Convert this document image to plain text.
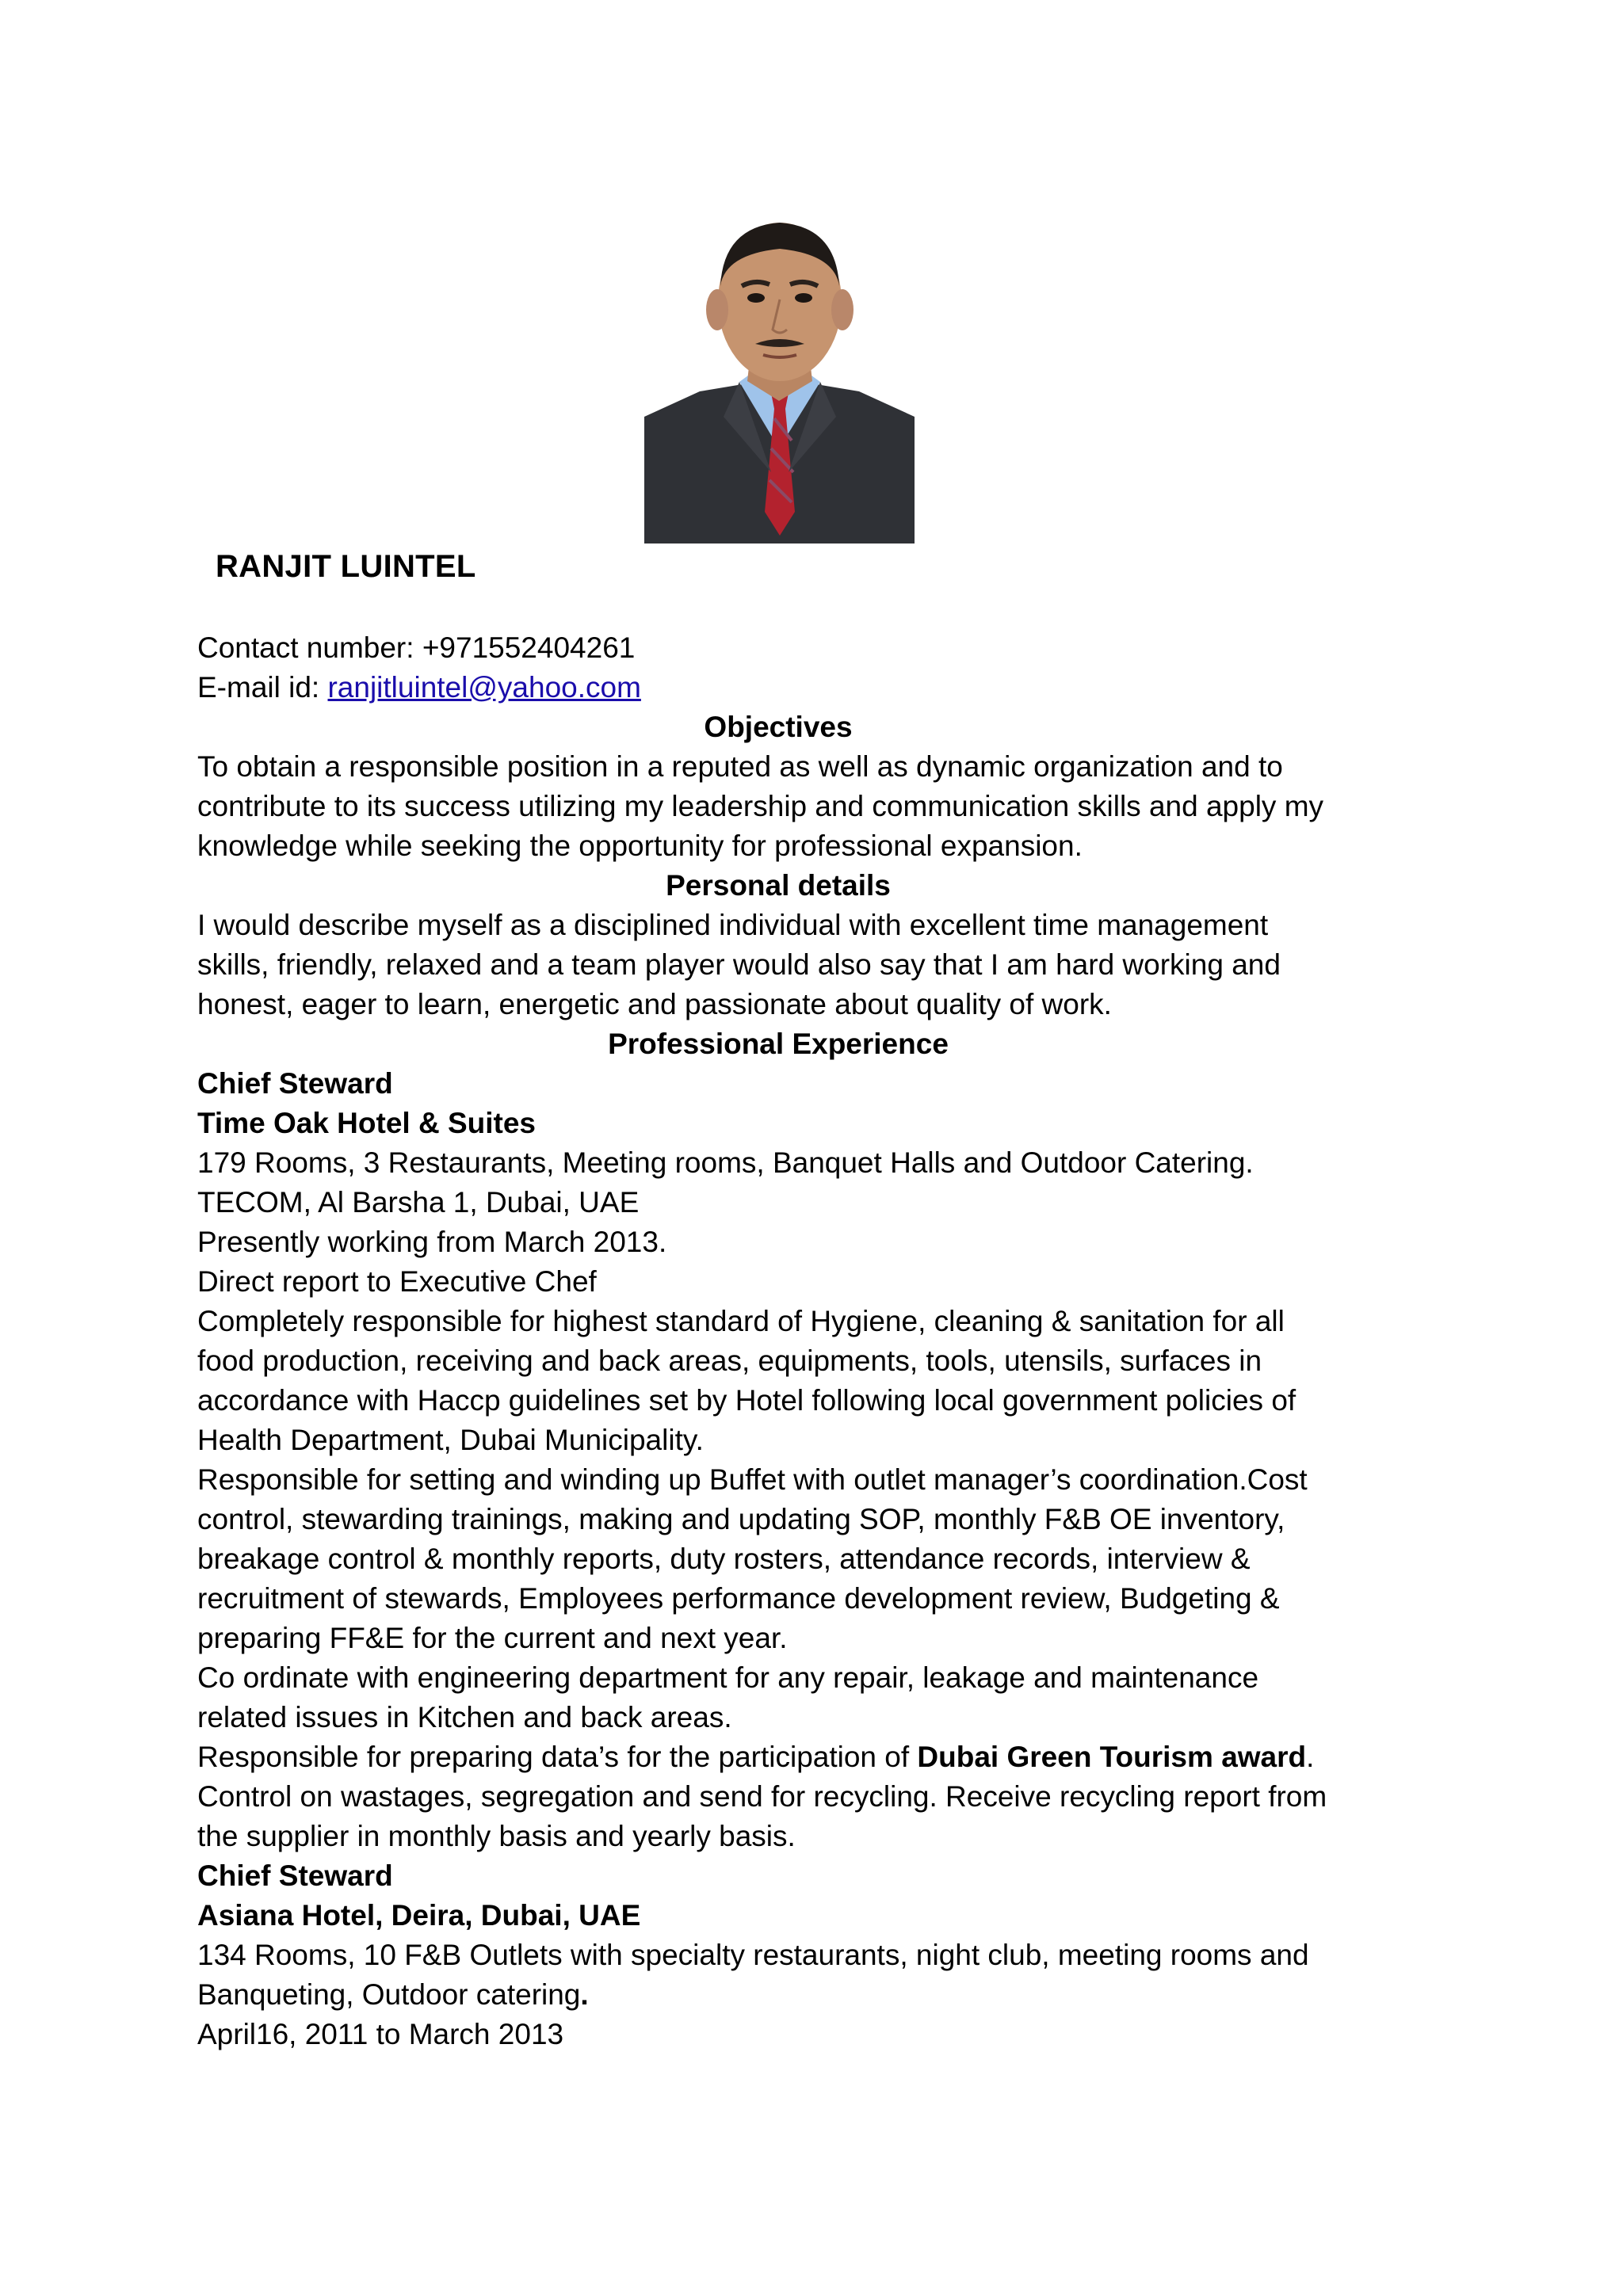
RANJIT LUINTEL

Contact number: +971552404261

E-mail id: ranjitluintel@yahoo.com

Objectives

To obtain a responsible position in a reputed as well as dynamic organization and to

contribute to its success utilizing my leadership and communication skills and apply my

knowledge while seeking the opportunity for professional expansion.

Personal details

I would describe myself as a disciplined individual with excellent time management

skills, friendly, relaxed and a team player would also say that I am hard working and

honest, eager to learn, energetic and passionate about quality of work.

Professional Experience

Chief Steward

Time Oak Hotel & Suites

179 Rooms, 3 Restaurants, Meeting rooms, Banquet Halls and Outdoor Catering.

TECOM, Al Barsha 1, Dubai, UAE

Presently working from March 2013.

Direct report to Executive Chef

Completely responsible for highest standard of Hygiene, cleaning & sanitation for all

food production, receiving and back areas, equipments, tools, utensils, surfaces in

accordance with Haccp guidelines set by Hotel following local government policies of

Health Department, Dubai Municipality.

Responsible for setting and winding up Buffet with outlet manager’s coordination.Cost

control, stewarding trainings, making and updating SOP, monthly F&B OE inventory,

breakage control & monthly reports, duty rosters, attendance records, interview &

recruitment of stewards, Employees performance development review, Budgeting &

preparing FF&E for the current and next year.

Co ordinate with engineering department for any repair, leakage and maintenance

related issues in Kitchen and back areas.

Responsible for preparing data’s for the participation of Dubai Green Tourism award.

Control on wastages, segregation and send for recycling. Receive recycling report from

the supplier in monthly basis and yearly basis.

Chief Steward

Asiana Hotel, Deira, Dubai, UAE

134 Rooms, 10 F&B Outlets with specialty restaurants, night club, meeting rooms and

Banqueting, Outdoor catering.

April16, 2011 to March 2013
